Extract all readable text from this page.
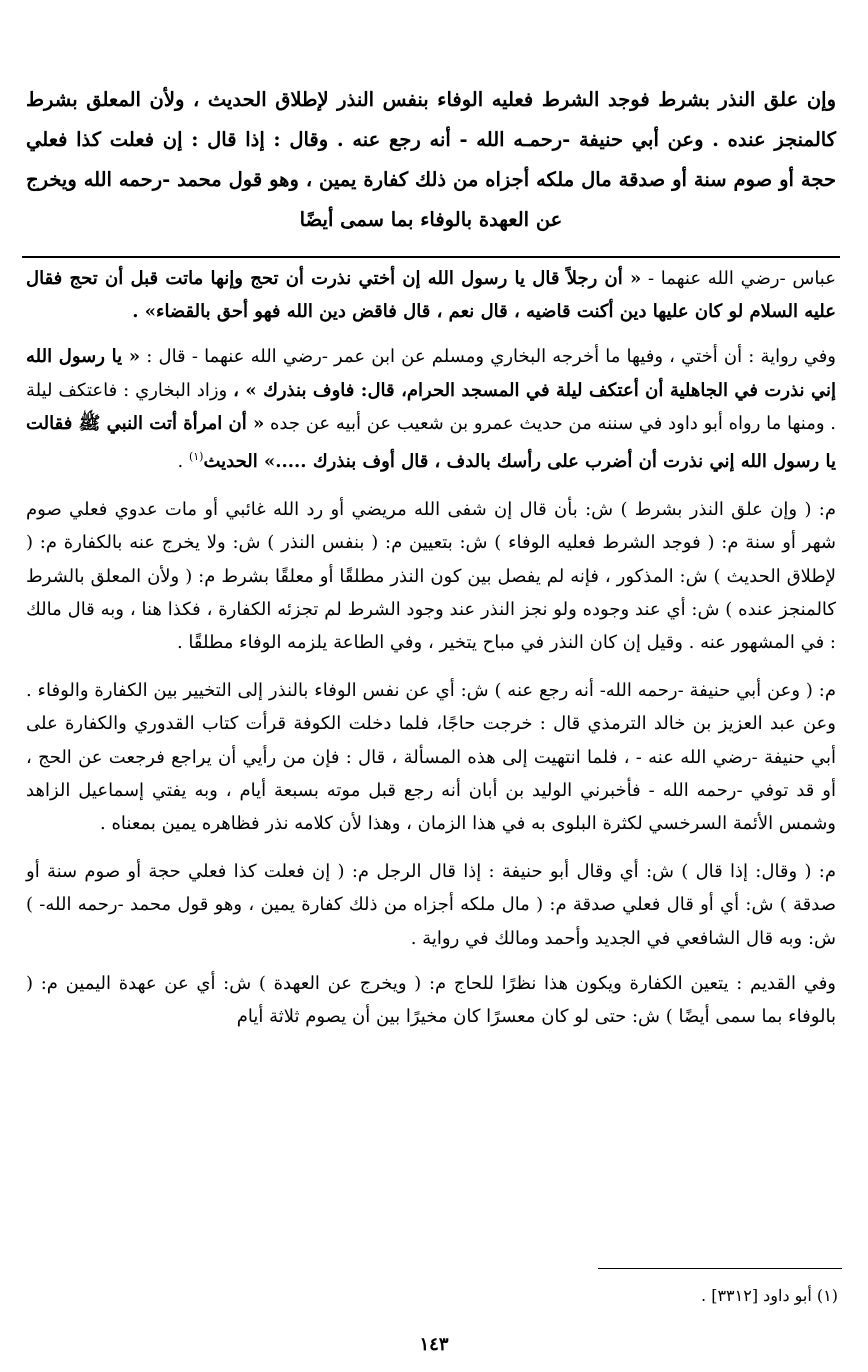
وإن علق النذر بشرط فوجد الشرط فعليه الوفاء بنفس النذر لإطلاق الحديث ، ولأن المعلق بشرط كالمنجز عنده . وعن أبي حنيفة -رحمـه الله - أنه رجع عنه . وقال : إذا قال : إن فعلت كذا فعلي حجة أو صوم سنة أو صدقة مال ملكه أجزاه من ذلك كفارة يمين ، وهو قول محمد -رحمه الله ويخرج عن العهدة بالوفاء بما سمى أيضًا

عباس -رضي الله عنهما - « أن رجلاً قال يا رسول الله إن أختي نذرت أن تحج وإنها ماتت قبل أن تحج فقال عليه السلام لو كان عليها دين أكنت قاضيه ، قال نعم ، قال فاقض دين الله فهو أحق بالقضاء» .

وفي رواية : أن أختي ، وفيها ما أخرجه البخاري ومسلم عن ابن عمر -رضي الله عنهما - قال : « يا رسول الله إني نذرت في الجاهلية أن أعتكف ليلة في المسجد الحرام، قال: فاوف بنذرك » ، وزاد البخاري : فاعتكف ليلة . ومنها ما رواه أبو داود في سننه من حديث عمرو بن شعيب عن أبيه عن جده « أن امرأة أتت النبي ﷺ فقالت يا رسول الله إني نذرت أن أضرب على رأسك بالدف ، قال أوف بنذرك .....» الحديث$^{(١)}$ .

م: ( وإن علق النذر بشرط ) ش: بأن قال إن شفى الله مريضي أو رد الله غائبي أو مات عدوي فعلي صوم شهر أو سنة م: ( فوجد الشرط فعليه الوفاء ) ش: بتعيين م: ( بنفس النذر ) ش: ولا يخرج عنه بالكفارة م: ( لإطلاق الحديث ) ش: المذكور ، فإنه لم يفصل بين كون النذر مطلقًا أو معلقًا بشرط م: ( ولأن المعلق بالشرط كالمنجز عنده ) ش: أي عند وجوده ولو نجز النذر عند وجود الشرط لم تجزئه الكفارة ، فكذا هنا ، وبه قال مالك : في المشهور عنه . وقيل إن كان النذر في مباح يتخير ، وفي الطاعة يلزمه الوفاء مطلقًا .

م: ( وعن أبي حنيفة -رحمه الله- أنه رجع عنه ) ش: أي عن نفس الوفاء بالنذر إلى التخيير بين الكفارة والوفاء . وعن عبد العزيز بن خالد الترمذي قال : خرجت حاجًا، فلما دخلت الكوفة قرأت كتاب القدوري والكفارة على أبي حنيفة -رضي الله عنه - ، فلما انتهيت إلى هذه المسألة ، قال : فإن من رأيي أن يراجع فرجعت عن الحج ، أو قد توفي -رحمه الله - فأخبرني الوليد بن أبان أنه رجع قبل موته بسبعة أيام ، وبه يفتي إسماعيل الزاهد وشمس الأئمة السرخسي لكثرة البلوى به في هذا الزمان ، وهذا لأن كلامه نذر فظاهره يمين بمعناه .

م: ( وقال: إذا قال ) ش: أي وقال أبو حنيفة : إذا قال الرجل م: ( إن فعلت كذا فعلي حجة أو صوم سنة أو صدقة ) ش: أي أو قال فعلي صدقة م: ( مال ملكه أجزاه من ذلك كفارة يمين ، وهو قول محمد -رحمه الله- ) ش: وبه قال الشافعي في الجديد وأحمد ومالك في رواية .

وفي القديم : يتعين الكفارة ويكون هذا نظرًا للحاج م: ( ويخرج عن العهدة ) ش: أي عن عهدة اليمين م: ( بالوفاء بما سمى أيضًا ) ش: حتى لو كان معسرًا كان مخيرًا بين أن يصوم ثلاثة أيام

(١) أبو داود [٣٣١٢] .
١٤٣
